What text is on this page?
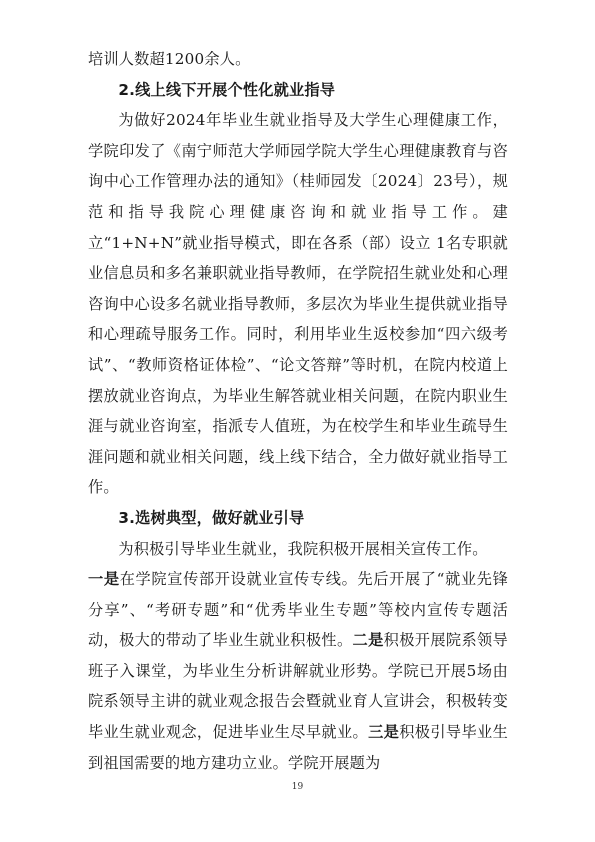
培训人数超1200余人。

2.线上线下开展个性化就业指导

为做好2024年毕业生就业指导及大学生心理健康工作，学院印发了《南宁师范大学师园学院大学生心理健康教育与咨询中心工作管理办法的通知》（桂师园发〔2024〕23号），规范和指导我院心理健康咨询和就业指导工作。建立“1+N+N”就业指导模式，即在各系（部）设立 1名专职就业信息员和多名兼职就业指导教师，在学院招生就业处和心理咨询中心设多名就业指导教师，多层次为毕业生提供就业指导和心理疏导服务工作。同时，利用毕业生返校参加“四六级考试”、“教师资格证体检”、“论文答辩”等时机，在院内校道上摆放就业咨询点，为毕业生解答就业相关问题，在院内职业生涯与就业咨询室，指派专人值班，为在校学生和毕业生疏导生涯问题和就业相关问题，线上线下结合，全力做好就业指导工作。

3.选树典型，做好就业引导

为积极引导毕业生就业，我院积极开展相关宣传工作。

一是在学院宣传部开设就业宣传专线。先后开展了“就业先锋分享”、“考研专题”和“优秀毕业生专题”等校内宣传专题活动，极大的带动了毕业生就业积极性。二是积极开展院系领导班子入课堂，为毕业生分析讲解就业形势。学院已开展5场由院系领导主讲的就业观念报告会暨就业育人宣讲会，积极转变毕业生就业观念，促进毕业生尽早就业。三是积极引导毕业生到祖国需要的地方建功立业。学院开展题为

19
